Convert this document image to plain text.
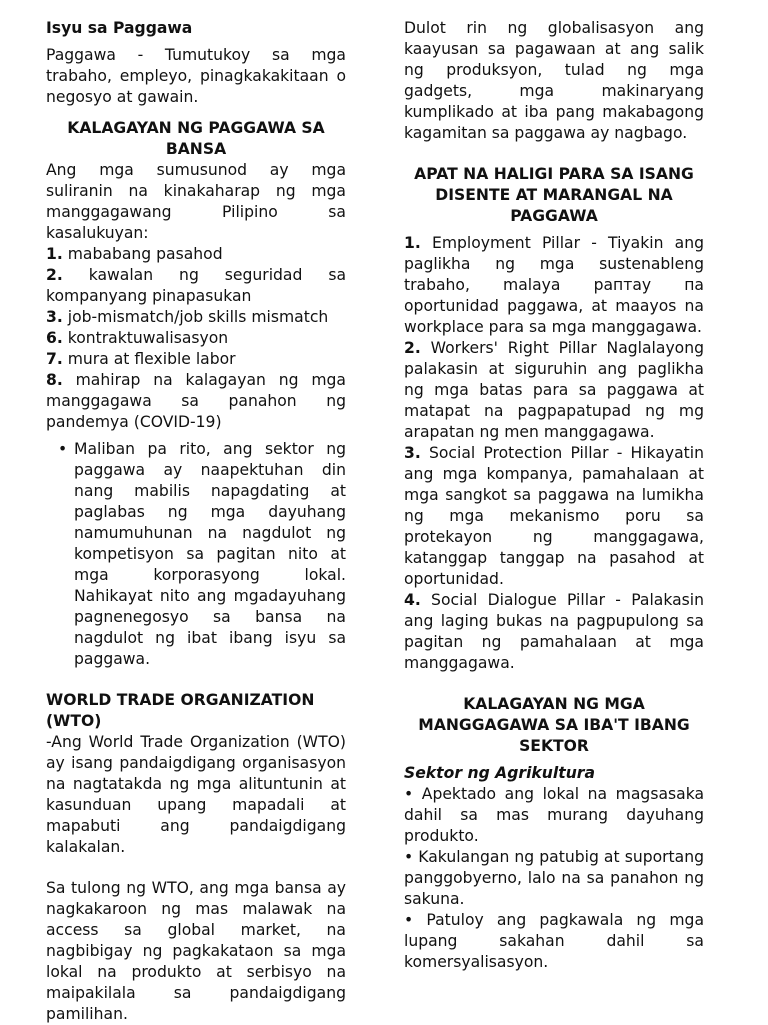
Isyu sa Paggawa

Paggawa - Tumutukoy sa mga trabaho, empleyo, pinagkakakitaan o negosyo at gawain.

KALAGAYAN NG PAGGAWA SA BANSA

Ang mga sumusunod ay mga suliranin na kinakaharap ng mga manggagawang Pilipino sa kasalukuyan:

1. mababang pasahod
2. kawalan ng seguridad sa kompanyang pinapasukan
3. job-mismatch/job skills mismatch
6. kontraktuwalisasyon
7. mura at flexible labor
8. mahirap na kalagayan ng mga manggagawa sa panahon ng pandemya (COVID-19)
• Maliban pa rito, ang sektor ng paggawa ay naapektuhan din nang mabilis napagdating at paglabas ng mga dayuhang namumuhunan na nagdulot ng kompetisyon sa pagitan nito at mga korporasyong lokal. Nahikayat nito ang mgadayuhang pagnenegosyo sa bansa na nagdulot ng ibat ibang isyu sa paggawa.
WORLD TRADE ORGANIZATION (WTO)

-Ang World Trade Organization (WTO) ay isang pandaigdigang organisasyon na nagtatakda ng mga alituntunin at kasunduan upang mapadali at mapabuti ang pandaigdigang kalakalan.

Sa tulong ng WTO, ang mga bansa ay nagkakaroon ng mas malawak na access sa global market, na nagbibigay ng pagkakataon sa mga lokal na produkto at serbisyo na maipakilala sa pandaigdigang pamilihan.

Dulot rin ng globalisasyon ang kaayusan sa pagawaan at ang salik ng produksyon, tulad ng mga gadgets, mga makinaryang kumplikado at iba pang makabagong kagamitan sa paggawa ay nagbago.

APAT NA HALIGI PARA SA ISANG DISENTE AT MARANGAL NA PAGGAWA
1. Employment Pillar - Tiyakin ang paglikha ng mga sustenableng trabaho, malaya раптау па oportunidad paggawa, at maayos na workplace para sa mga manggagawa.
2. Workers' Right Pillar Naglalayong palakasin at siguruhin ang paglikha ng mga batas para sa paggawa at matapat na pagpapatupad ng mg arapatan ng men manggagawa.
3. Social Protection Pillar - Hikayatin ang mga kompanya, pamahalaan at mga sangkot sa paggawa na lumikha ng mga mekanismo poru sa protekayon ng manggagawa, katanggap tanggap na pasahod at oportunidad.
4. Social Dialogue Pillar - Palakasin ang laging bukas na pagpupulong sa pagitan ng pamahalaan at mga manggagawa.
KALAGAYAN NG MGA MANGGAGAWA SA IBA'T IBANG SEKTOR
Sektor ng Agrikultura

• Apektado ang lokal na magsasaka dahil sa mas murang dayuhang produkto.

• Kakulangan ng patubig at suportang panggobyerno, lalo na sa panahon ng sakuna.

• Patuloy ang pagkawala ng mga lupang sakahan dahil sa komersyalisasyon.
